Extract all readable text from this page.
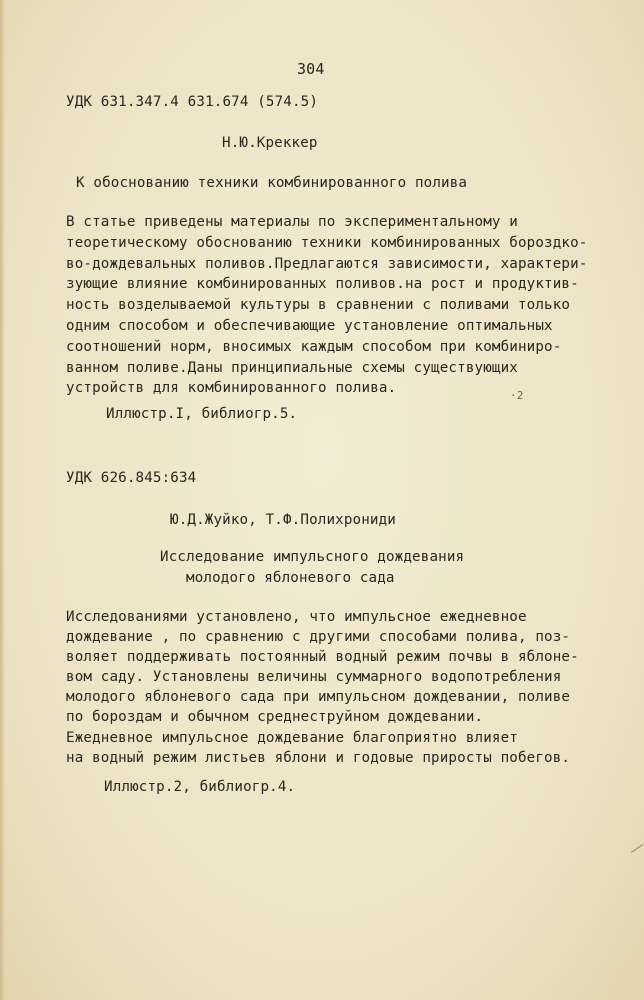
304
УДК 631.347.4 631.674 (574.5)
Н.Ю.Креккер
К обоснованию техники комбинированного полива
В статье приведены материалы по экспериментальному и
теоретическому обоснованию техники комбинированных бороздко-
во-дождевальных поливов.Предлагаются зависимости, характери-
зующие влияние комбинированных поливов.на рост и продуктив-
ность возделываемой культуры в сравнении с поливами только
одним способом и обеспечивающие установление оптимальных
соотношений норм, вносимых каждым способом при комбиниро-
ванном поливе.Даны принципиальные схемы существующих
устройств для комбинированного полива.	·2
Иллюстр.I, библиогр.5.
УДК 626.845:634
Ю.Д.Жуйко, Т.Ф.Полихрониди
Исследование импульсного дождевания
молодого яблоневого сада
Исследованиями установлено, что импульсное ежедневное
дождевание , по сравнению с другими способами полива, поз-
воляет поддерживать постоянный водный режим почвы в яблоне-
вом саду. Установлены величины суммарного водопотребления
молодого яблоневого сада при импульсном дождевании, поливе
по бороздам и обычном среднеструйном дождевании.
Ежедневное импульсное дождевание благоприятно влияет
на водный режим листьев яблони и годовые приросты побегов.
Иллюстр.2, библиогр.4.
